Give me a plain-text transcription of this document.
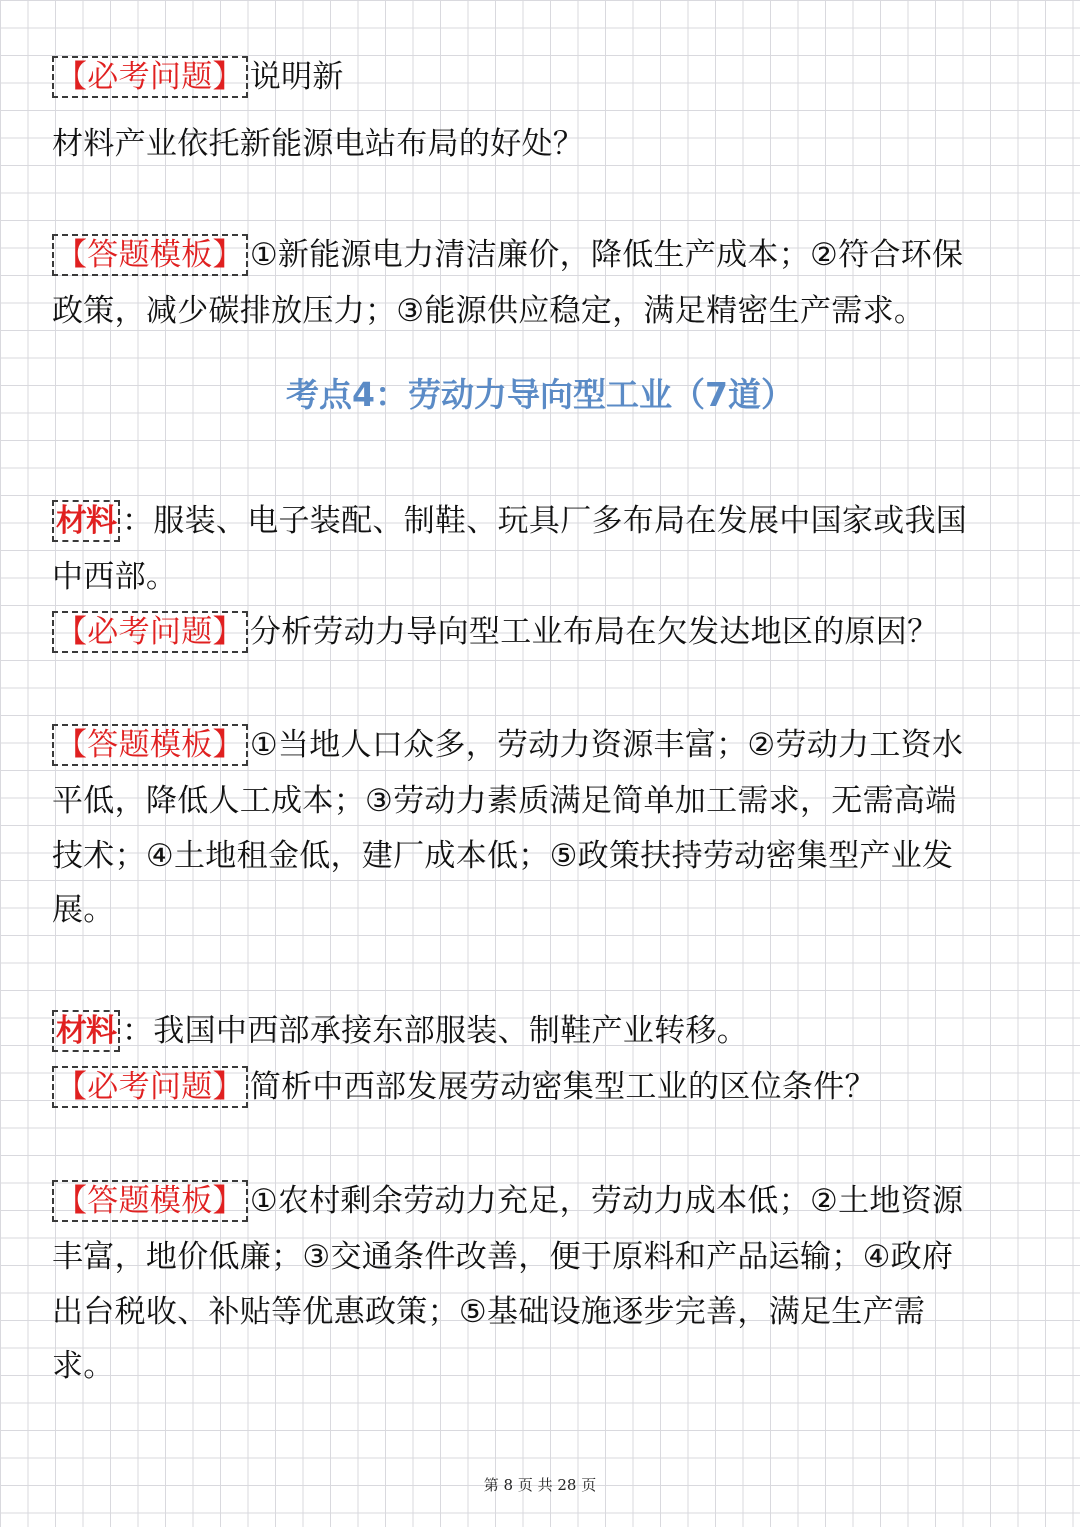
【必考问题】 说明新
材料产业依托新能源电站布局的好处？
【答题模板】 ①新能源电力清洁廉价，降低生产成本；②符合环保
政策，减少碳排放压力；③能源供应稳定，满足精密生产需求。
考点4：劳动力导向型工业（7道）
材料 ：服装、电子装配、制鞋、玩具厂多布局在发展中国家或我国
中西部。
【必考问题】 分析劳动力导向型工业布局在欠发达地区的原因？
【答题模板】 ①当地人口众多，劳动力资源丰富；②劳动力工资水
平低，降低人工成本；③劳动力素质满足简单加工需求，无需高端
技术；④土地租金低，建厂成本低；⑤政策扶持劳动密集型产业发
展。
材料 ：我国中西部承接东部服装、制鞋产业转移。
【必考问题】 简析中西部发展劳动密集型工业的区位条件？
【答题模板】 ①农村剩余劳动力充足，劳动力成本低；②土地资源
丰富，地价低廉；③交通条件改善，便于原料和产品运输；④政府
出台税收、补贴等优惠政策；⑤基础设施逐步完善，满足生产需
求。
第 8 页 共 28 页
